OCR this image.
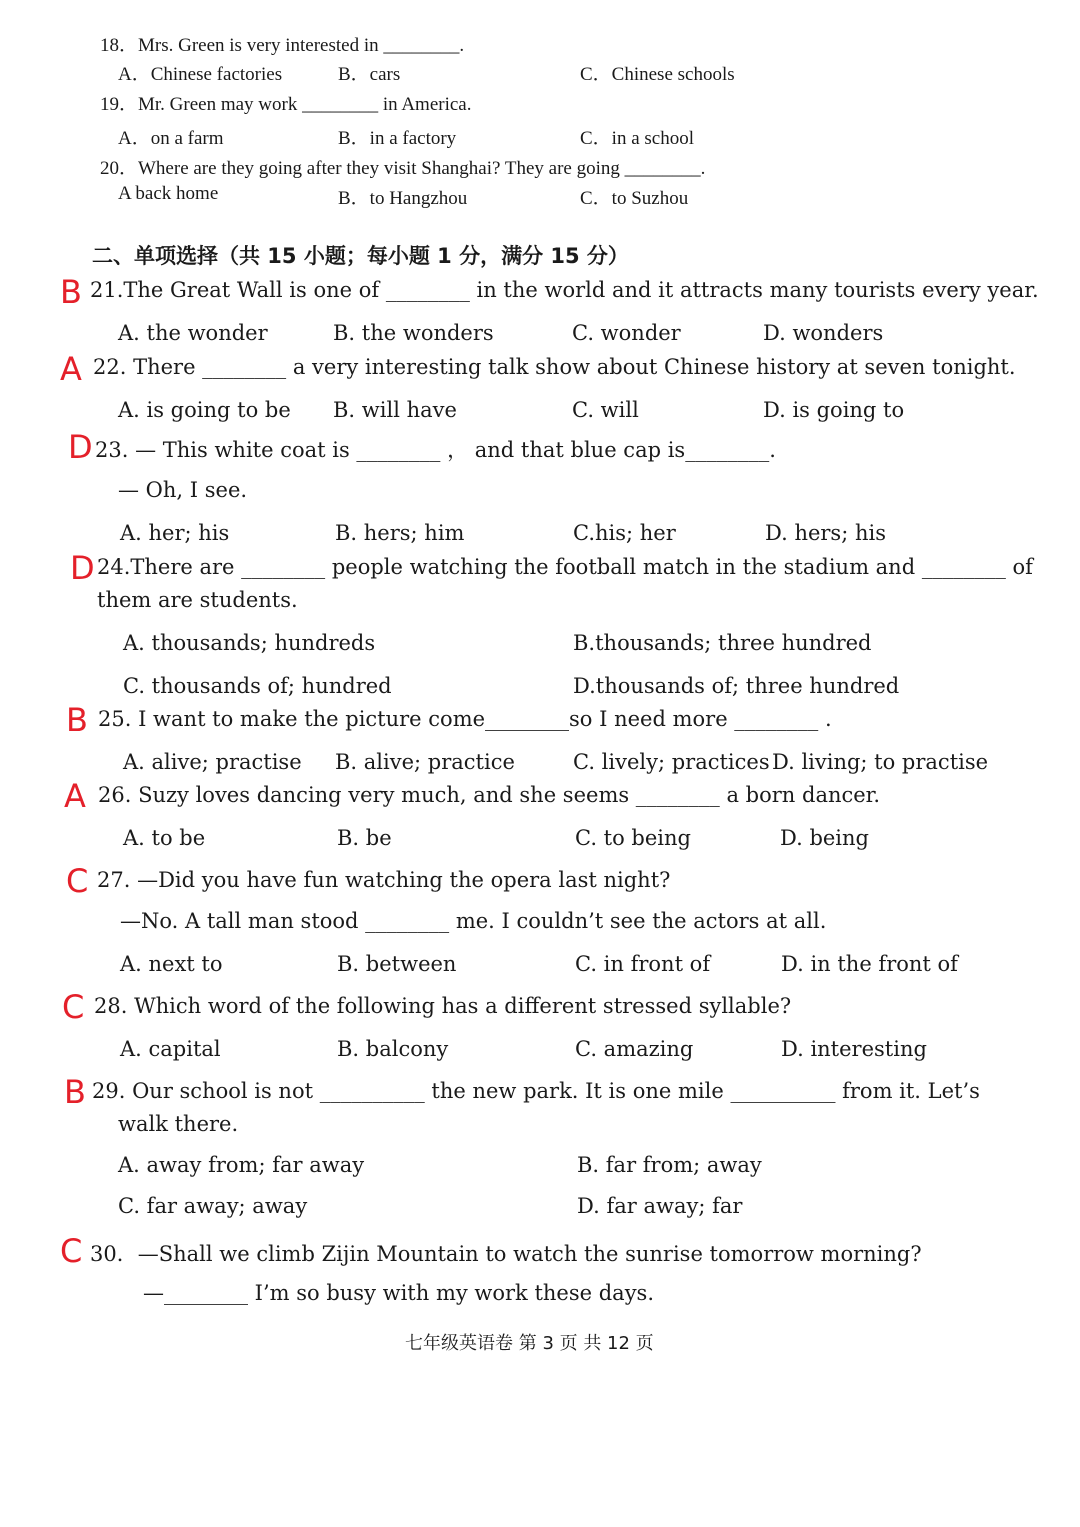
18．Mrs. Green is very interested in ________.
A．Chinese factories	B．cars	C．Chinese schools
19．Mr. Green may work ________ in America.
A．on a farm	B．in a factory	C．in a school
20．Where are they going after they visit Shanghai? They are going ________.
A back home	B．to Hangzhou	C．to Suzhou
二、单项选择（共 15 小题；每小题 1 分，满分 15 分）
B 21.The Great Wall is one of ________ in the world and it attracts many tourists every year.
A. the wonder	B. the wonders	C. wonder	D. wonders
A 22. There ________ a very interesting talk show about Chinese history at seven tonight.
A. is going to be B. will have	C. will	D. is going to
D 23. — This white coat is ________ ， and that blue cap is________.
— Oh, I see.
A. her; his	B. hers; him	C.his; her	D. hers; his
D 24.There are ________ people watching the football match in the stadium and ________ of
them are students.
A. thousands; hundreds	B.thousands; three hundred
C. thousands of; hundred	D.thousands of; three hundred
B 25. I want to make the picture come________so I need more ________ .
A. alive; practise B. alive; practice	C. lively; practices D. living; to practise
A 26. Suzy loves dancing very much, and she seems ________ a born dancer.
A. to be	B. be	C. to being	D. being
C 27. —Did you have fun watching the opera last night?
—No. A tall man stood ________ me. I couldn’t see the actors at all.
A. next to	B. between	C. in front of	D. in the front of
C 28. Which word of the following has a different stressed syllable?
A. capital	B. balcony	C. amazing	D. interesting
B 29. Our school is not __________ the new park. It is one mile __________ from it. Let’s
walk there.
A. away from; far away	B. far from; away
C. far away; away	D. far away; far
C 30．—Shall we climb Zijin Mountain to watch the sunrise tomorrow morning?
—________ I’m so busy with my work these days.
七年级英语卷 第 3 页 共 12 页
